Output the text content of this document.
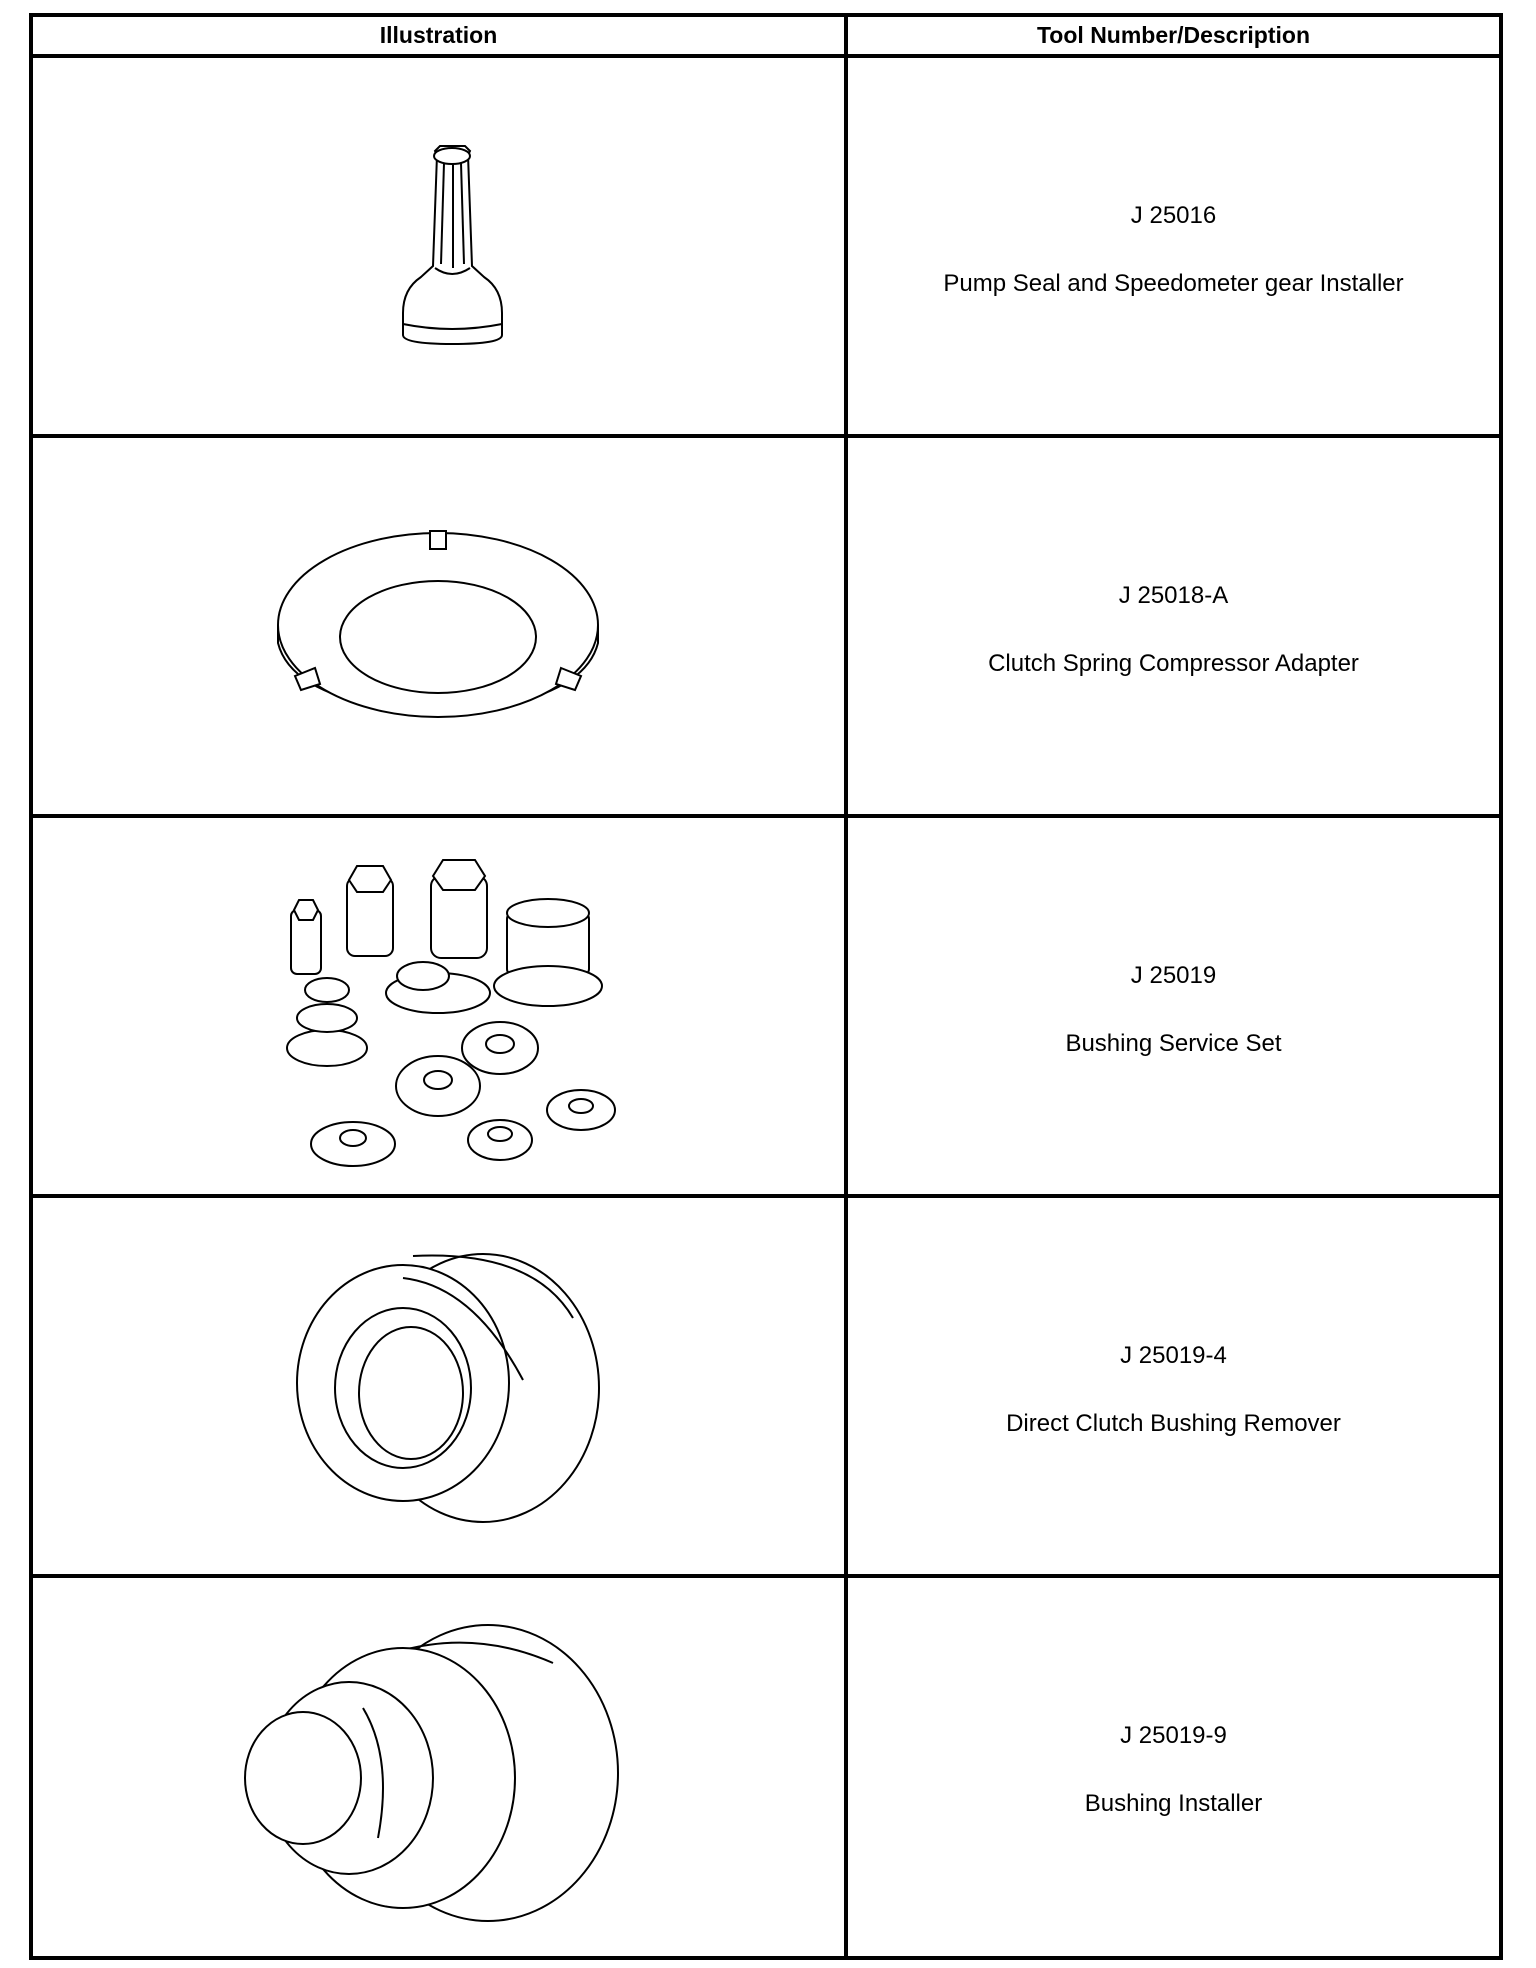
Illustration	Tool Number/Description
J 25016
Pump Seal and Speedometer gear Installer
J 25018-A
Clutch Spring Compressor Adapter
J 25019
Bushing Service Set
J 25019-4
Direct Clutch Bushing Remover
J 25019-9
Bushing Installer
